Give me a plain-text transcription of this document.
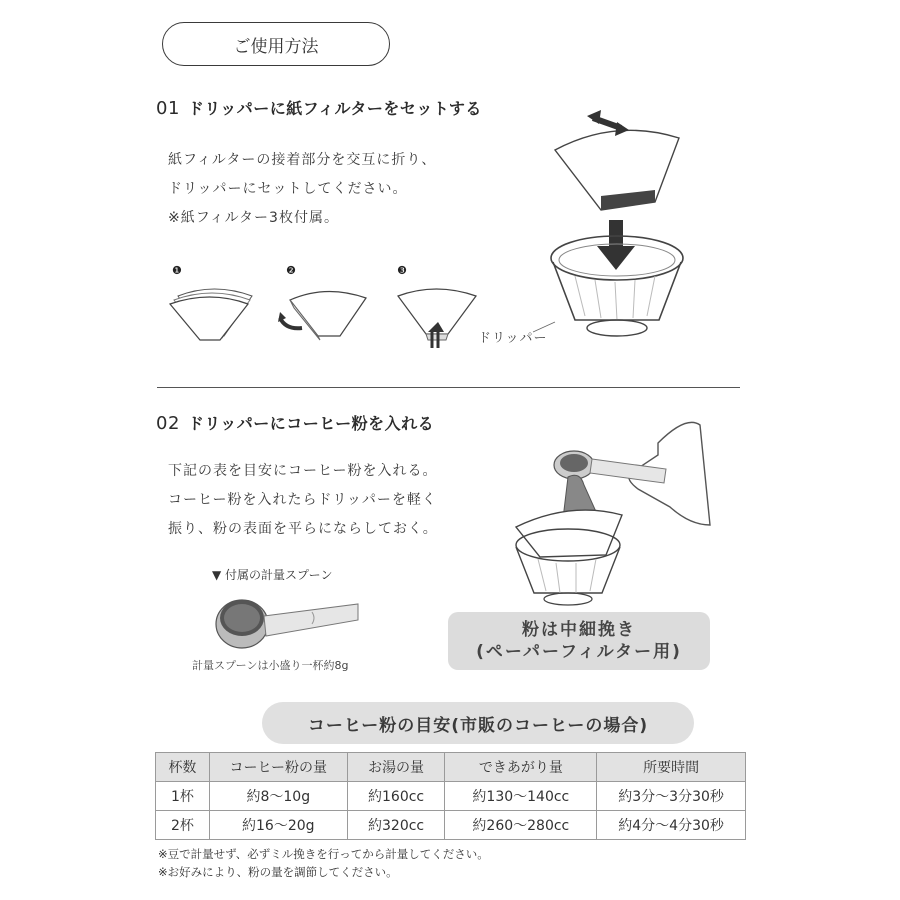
ご使用方法
01 ドリッパーに紙フィルターをセットする
紙フィルターの接着部分を交互に折り、
ドリッパーにセットしてください。
※紙フィルター3枚付属。
❶	❷	❸
ドリッパー
02 ドリッパーにコーヒー粉を入れる
下記の表を目安にコーヒー粉を入れる。
コーヒー粉を入れたらドリッパーを軽く
振り、粉の表面を平らにならしておく。
▼ 付属の計量スプーン
計量スプーンは小盛り一杯約8g
粉は中細挽き
(ペーパーフィルター用)
コーヒー粉の目安(市販のコーヒーの場合)
杯数	コーヒー粉の量	お湯の量	できあがり量	所要時間
1杯	約8〜10g	約160cc	約130〜140cc	約3分〜3分30秒
2杯	約16〜20g	約320cc	約260〜280cc	約4分〜4分30秒
※豆で計量せず、必ずミル挽きを行ってから計量してください。
※お好みにより、粉の量を調節してください。
